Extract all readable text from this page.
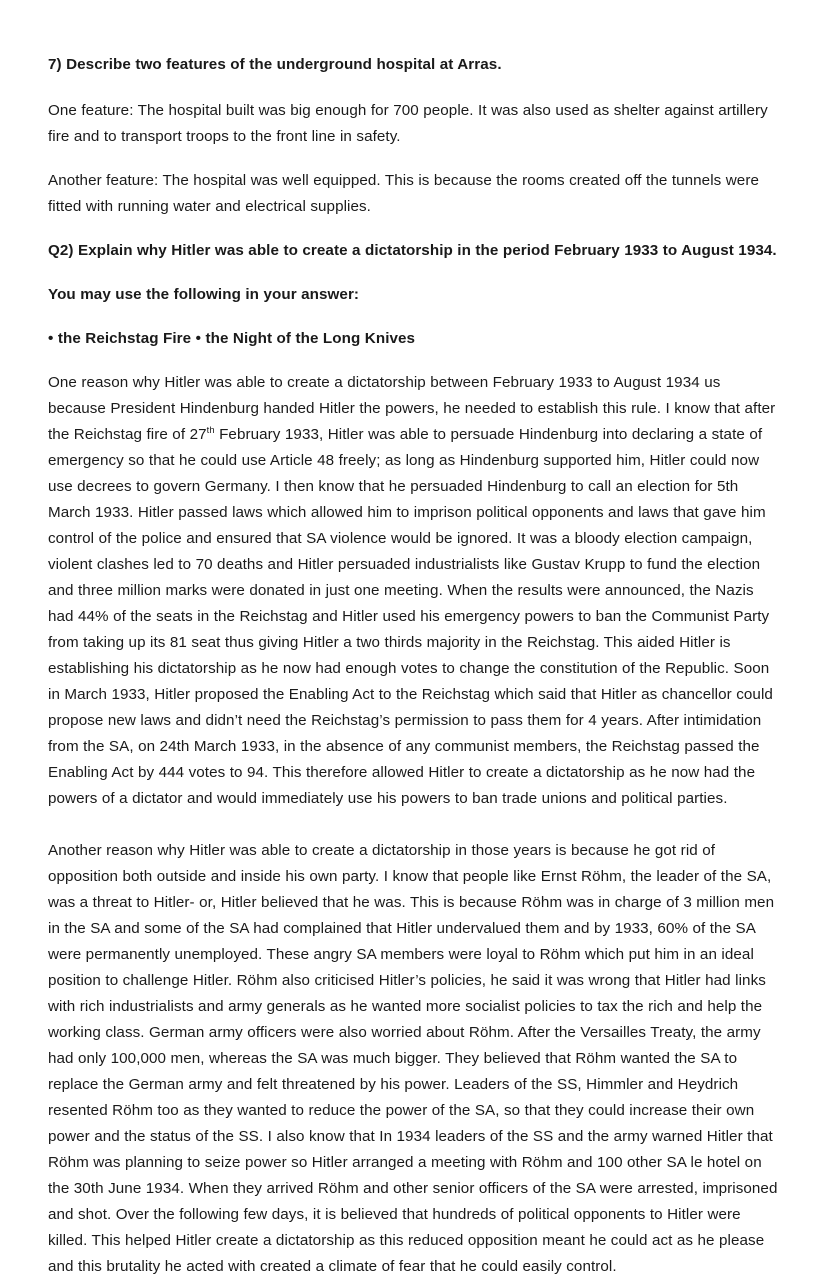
7) Describe two features of the underground hospital at Arras.

One feature: The hospital built was big enough for 700 people. It was also used as shelter against artillery fire and to transport troops to the front line in safety.

Another feature: The hospital was well equipped. This is because the rooms created off the tunnels were fitted with running water and electrical supplies.

Q2) Explain why Hitler was able to create a dictatorship in the period February 1933 to August 1934.

You may use the following in your answer:

• the Reichstag Fire • the Night of the Long Knives

One reason why Hitler was able to create a dictatorship between February 1933 to August 1934 us because President Hindenburg handed Hitler the powers, he needed to establish this rule. I know that after the Reichstag fire of 27th February 1933, Hitler was able to persuade Hindenburg into declaring a state of emergency so that he could use Article 48 freely; as long as Hindenburg supported him, Hitler could now use decrees to govern Germany. I then know that he persuaded Hindenburg to call an election for 5th March 1933. Hitler passed laws which allowed him to imprison political opponents and laws that gave him control of the police and ensured that SA violence would be ignored. It was a bloody election campaign, violent clashes led to 70 deaths and Hitler persuaded industrialists like Gustav Krupp to fund the election and three million marks were donated in just one meeting. When the results were announced, the Nazis had 44% of the seats in the Reichstag and Hitler used his emergency powers to ban the Communist Party from taking up its 81 seat thus giving Hitler a two thirds majority in the Reichstag. This aided Hitler is establishing his dictatorship as he now had enough votes to change the constitution of the Republic. Soon in March 1933, Hitler proposed the Enabling Act to the Reichstag which said that Hitler as chancellor could propose new laws and didn’t need the Reichstag’s permission to pass them for 4 years. After intimidation from the SA, on 24th March 1933, in the absence of any communist members, the Reichstag passed the Enabling Act by 444 votes to 94. This therefore allowed Hitler to create a dictatorship as he now had the powers of a dictator and would immediately use his powers to ban trade unions and political parties.

Another reason why Hitler was able to create a dictatorship in those years is because he got rid of opposition both outside and inside his own party. I know that people like Ernst Röhm, the leader of the SA, was a threat to Hitler- or, Hitler believed that he was. This is because Röhm was in charge of 3 million men in the SA and some of the SA had complained that Hitler undervalued them and by 1933, 60% of the SA were permanently unemployed. These angry SA members were loyal to Röhm which put him in an ideal position to challenge Hitler. Röhm also criticised Hitler’s policies, he said it was wrong that Hitler had links with rich industrialists and army generals as he wanted more socialist policies to tax the rich and help the working class. German army officers were also worried about Röhm. After the Versailles Treaty, the army had only 100,000 men, whereas the SA was much bigger. They believed that Röhm wanted the SA to replace the German army and felt threatened by his power. Leaders of the SS, Himmler and Heydrich resented Röhm too as they wanted to reduce the power of the SA, so that they could increase their own power and the status of the SS. I also know that In 1934 leaders of the SS and the army warned Hitler that Röhm was planning to seize power so Hitler arranged a meeting with Röhm and 100 other SA le hotel on the 30th June 1934. When they arrived Röhm and other senior officers of the SA were arrested, imprisoned and shot. Over the following few days, it is believed that hundreds of political opponents to Hitler were killed. This helped Hitler create a dictatorship as this reduced opposition meant he could act as he please and this brutality he acted with created a climate of fear that he could easily control.
